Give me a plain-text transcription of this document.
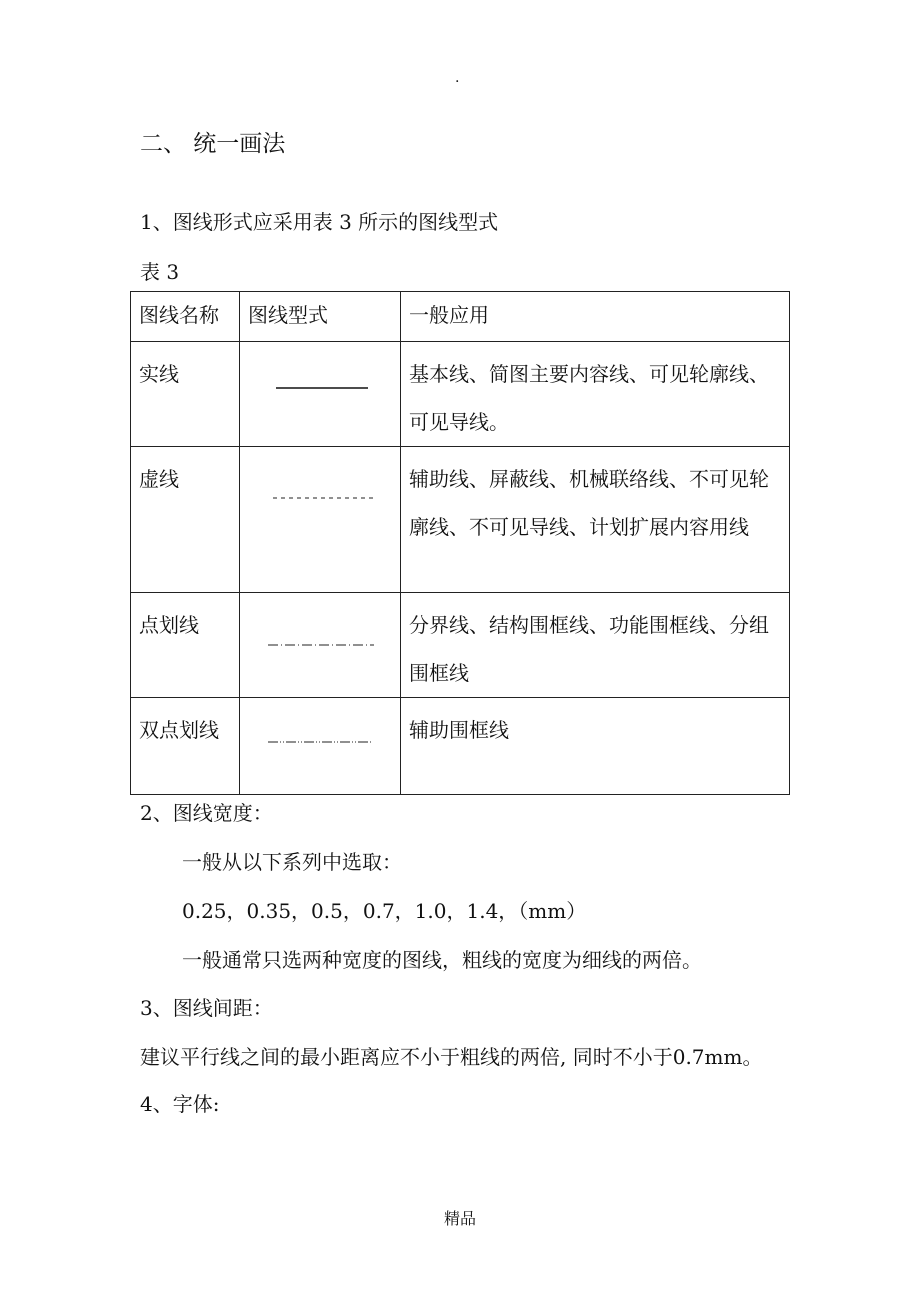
.
二、 统一画法
1、图线形式应采用表 3 所示的图线型式
表 3
图线名称	图线型式	一般应用
实线		基本线、简图主要内容线、可见轮廓线、可见导线。
虚线		辅助线、屏蔽线、机械联络线、不可见轮廓线、不可见导线、计划扩展内容用线
点划线		分界线、结构围框线、功能围框线、分组围框线
双点划线		辅助围框线
2、图线宽度：
一般从以下系列中选取：
0.25，0.35，0.5，0.7，1.0，1.4，（mm）
一般通常只选两种宽度的图线，粗线的宽度为细线的两倍。
3、图线间距：
建议平行线之间的最小距离应不小于粗线的两倍, 同时不小于0.7mm。
4、字体:
精品
